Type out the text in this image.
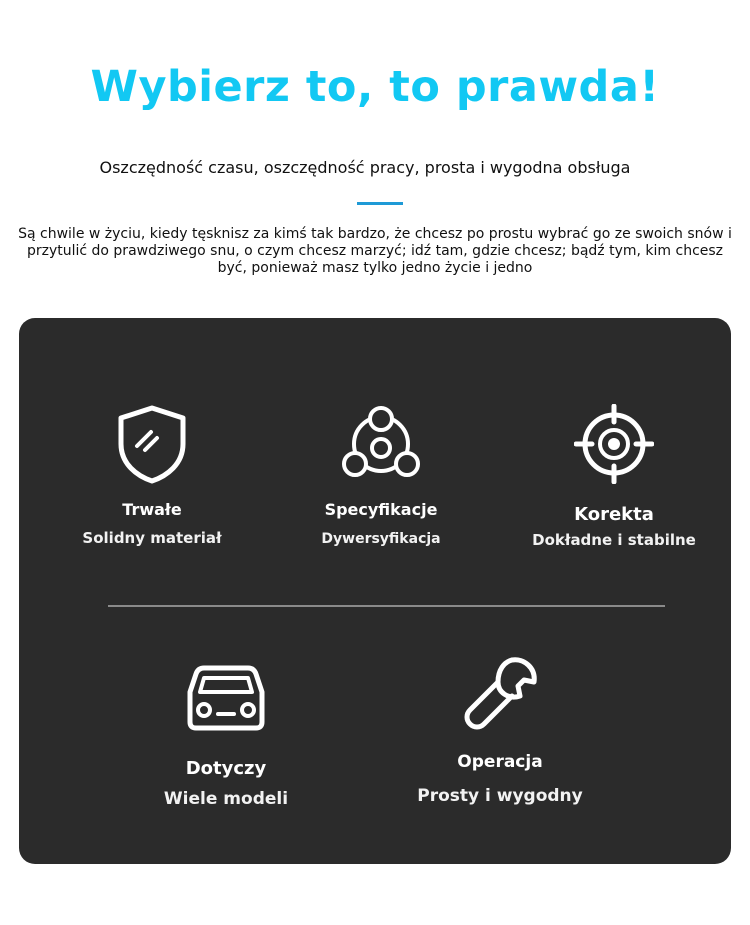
Wybierz to, to prawda!
Oszczędność czasu, oszczędność pracy, prosta i wygodna obsługa
Są chwile w życiu, kiedy tęsknisz za kimś tak bardzo, że chcesz po prostu wybrać go ze swoich snów i przytulić do prawdziwego snu, o czym chcesz marzyć; idź tam, gdzie chcesz; bądź tym, kim chcesz być, ponieważ masz tylko jedno życie i jedno
Trwałe
Solidny materiał
Specyfikacje
Dywersyfikacja
Korekta
Dokładne i stabilne
Dotyczy
Wiele modeli
Operacja
Prosty i wygodny
